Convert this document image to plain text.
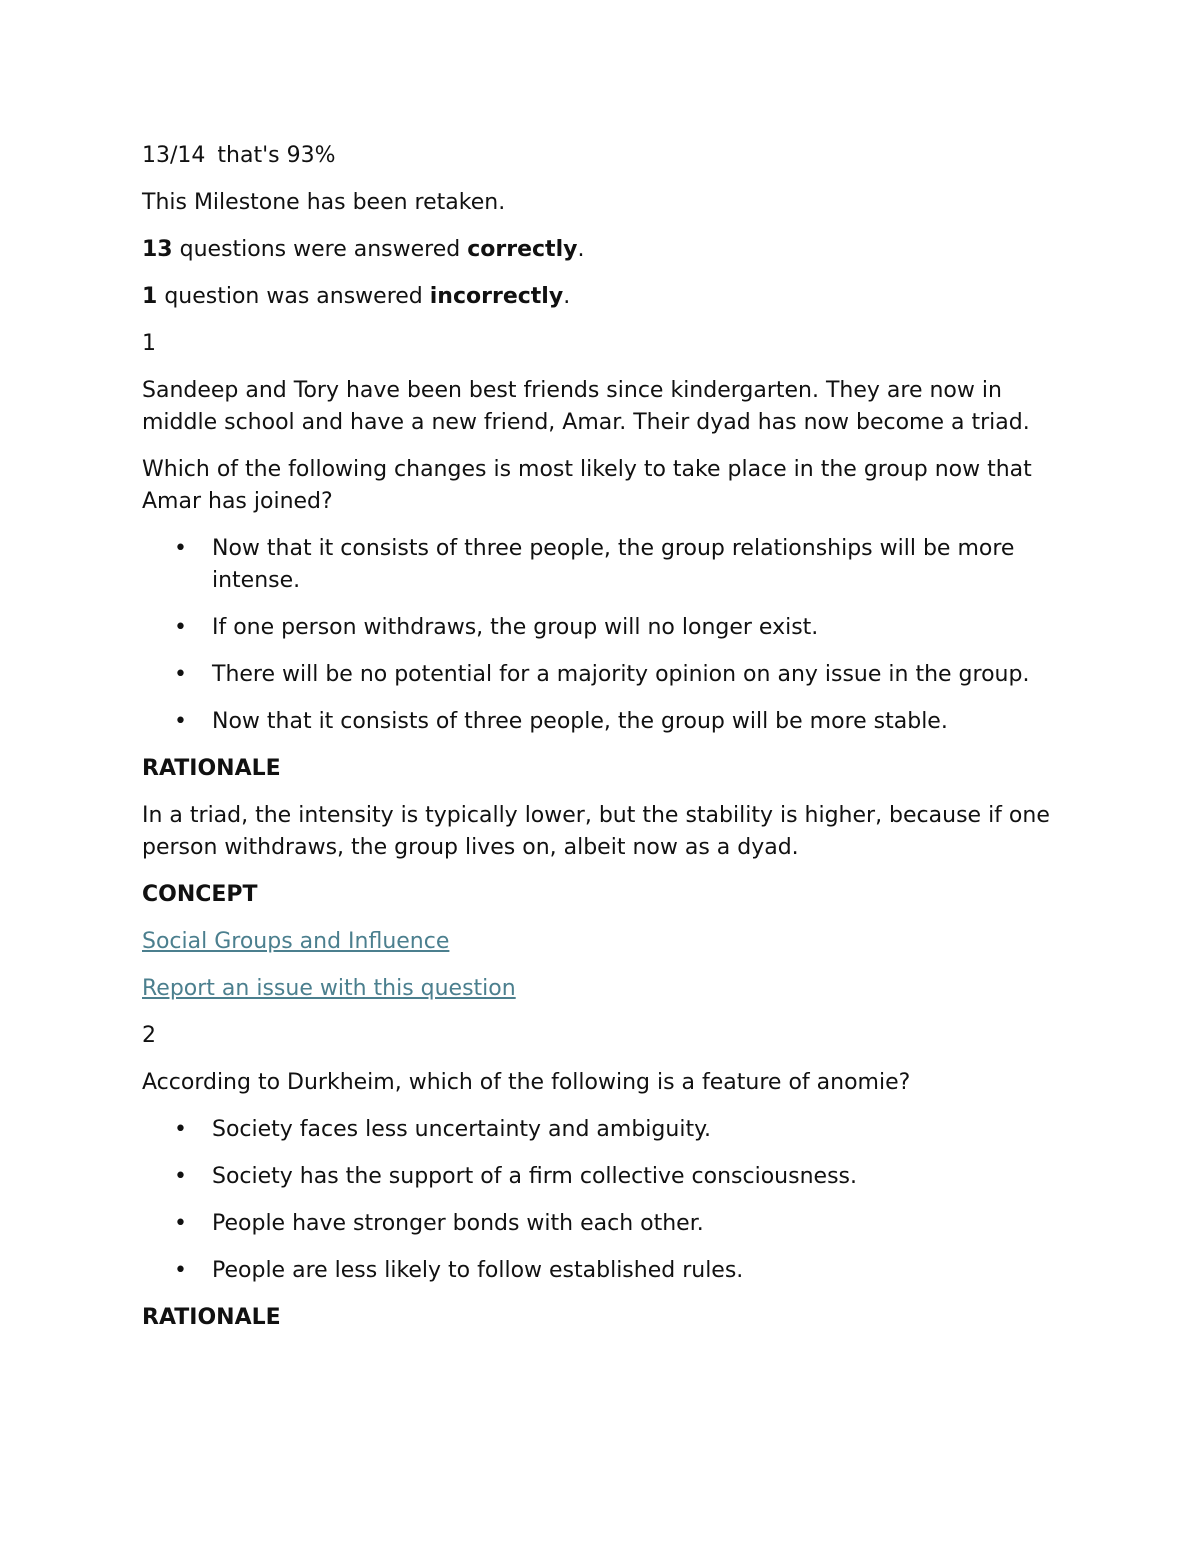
13/14 that's 93%

This Milestone has been retaken.

13 questions were answered correctly.

1 question was answered incorrectly.

1

Sandeep and Tory have been best friends since kindergarten. They are now in middle school and have a new friend, Amar. Their dyad has now become a triad.

Which of the following changes is most likely to take place in the group now that Amar has joined?

• Now that it consists of three people, the group relationships will be more intense.
• If one person withdraws, the group will no longer exist.
• There will be no potential for a majority opinion on any issue in the group.
• Now that it consists of three people, the group will be more stable.

RATIONALE

In a triad, the intensity is typically lower, but the stability is higher, because if one person withdraws, the group lives on, albeit now as a dyad.

CONCEPT

Social Groups and Influence

Report an issue with this question

2

According to Durkheim, which of the following is a feature of anomie?

• Society faces less uncertainty and ambiguity.
• Society has the support of a firm collective consciousness.
• People have stronger bonds with each other.
• People are less likely to follow established rules.

RATIONALE
